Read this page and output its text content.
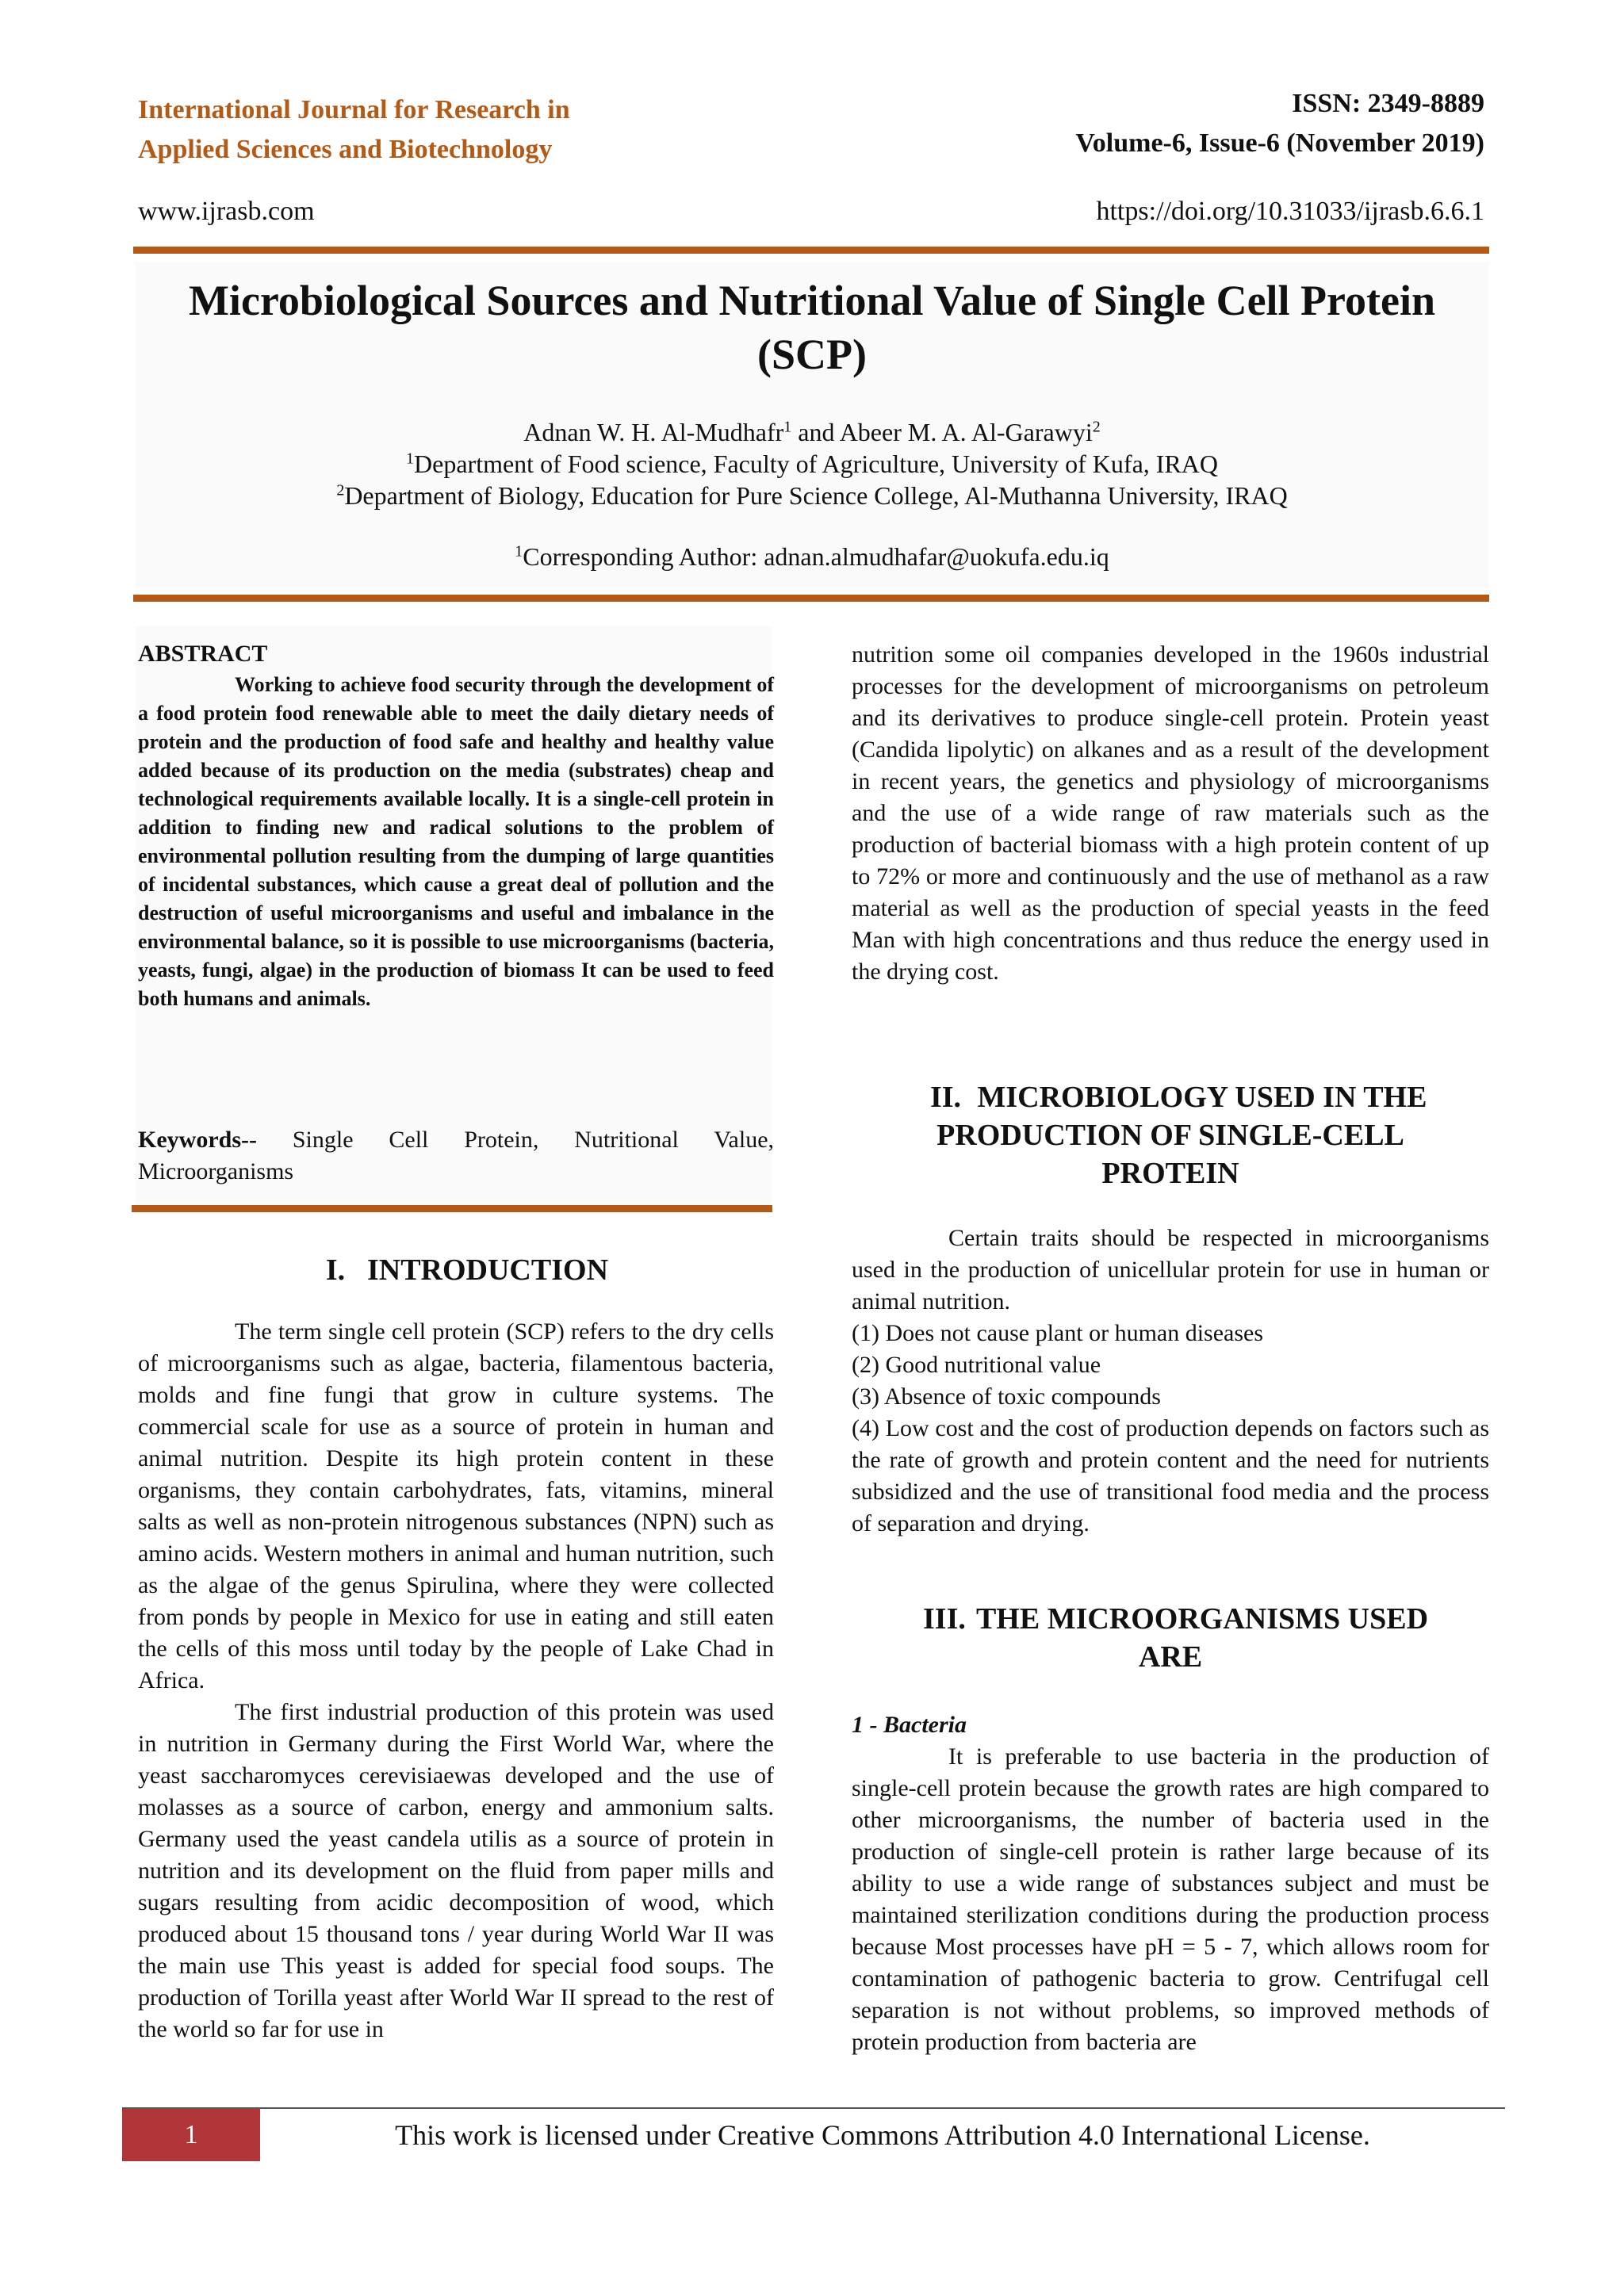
International Journal for Research in
Applied Sciences and Biotechnology
ISSN: 2349-8889
Volume-6, Issue-6 (November 2019)
www.ijrasb.com	https://doi.org/10.31033/ijrasb.6.6.1
Microbiological Sources and Nutritional Value of Single Cell Protein
(SCP)
Adnan W. H. Al-Mudhafr$^1$ and Abeer M. A. Al-Garawyi$^2$
$^1$Department of Food science, Faculty of Agriculture, University of Kufa, IRAQ
$^2$Department of Biology, Education for Pure Science College, Al-Muthanna University, IRAQ
$^1$Corresponding Author: adnan.almudhafar@uokufa.edu.iq
ABSTRACT
Working to achieve food security through the development of a food protein food renewable able to meet the daily dietary needs of protein and the production of food safe and healthy and healthy value added because of its production on the media (substrates) cheap and technological requirements available locally. It is a single-cell protein in addition to finding new and radical solutions to the problem of environmental pollution resulting from the dumping of large quantities of incidental substances, which cause a great deal of pollution and the destruction of useful microorganisms and useful and imbalance in the environmental balance, so it is possible to use microorganisms (bacteria, yeasts, fungi, algae) in the production of biomass It can be used to feed both humans and animals.
Keywords-- Single Cell Protein, Nutritional Value, Microorganisms
I. INTRODUCTION

The term single cell protein (SCP) refers to the dry cells of microorganisms such as algae, bacteria, filamentous bacteria, molds and fine fungi that grow in culture systems. The commercial scale for use as a source of protein in human and animal nutrition. Despite its high protein content in these organisms, they contain carbohydrates, fats, vitamins, mineral salts as well as non-protein nitrogenous substances (NPN) such as amino acids. Western mothers in animal and human nutrition, such as the algae of the genus Spirulina, where they were collected from ponds by people in Mexico for use in eating and still eaten the cells of this moss until today by the people of Lake Chad in Africa.

The first industrial production of this protein was used in nutrition in Germany during the First World War, where the yeast saccharomyces cerevisiaewas developed and the use of molasses as a source of carbon, energy and ammonium salts. Germany used the yeast candela utilis as a source of protein in nutrition and its development on the fluid from paper mills and sugars resulting from acidic decomposition of wood, which produced about 15 thousand tons / year during World War II was the main use This yeast is added for special food soups. The production of Torilla yeast after World War II spread to the rest of the world so far for use in

nutrition some oil companies developed in the 1960s industrial processes for the development of microorganisms on petroleum and its derivatives to produce single-cell protein. Protein yeast (Candida lipolytic) on alkanes and as a result of the development in recent years, the genetics and physiology of microorganisms and the use of a wide range of raw materials such as the production of bacterial biomass with a high protein content of up to 72% or more and continuously and the use of methanol as a raw material as well as the production of special yeasts in the feed Man with high concentrations and thus reduce the energy used in the drying cost.
II. MICROBIOLOGY USED IN THE
PRODUCTION OF SINGLE-CELL
PROTEIN

Certain traits should be respected in microorganisms used in the production of unicellular protein for use in human or animal nutrition.

(1) Does not cause plant or human diseases

(2) Good nutritional value

(3) Absence of toxic compounds

(4) Low cost and the cost of production depends on factors such as the rate of growth and protein content and the need for nutrients subsidized and the use of transitional food media and the process of separation and drying.

III. THE MICROORGANISMS USED
ARE

1 - Bacteria

It is preferable to use bacteria in the production of single-cell protein because the growth rates are high compared to other microorganisms, the number of bacteria used in the production of single-cell protein is rather large because of its ability to use a wide range of substances subject and must be maintained sterilization conditions during the production process because Most processes have pH = 5 - 7, which allows room for contamination of pathogenic bacteria to grow. Centrifugal cell separation is not without problems, so improved methods of protein production from bacteria are

1	This work is licensed under Creative Commons Attribution 4.0 International License.
